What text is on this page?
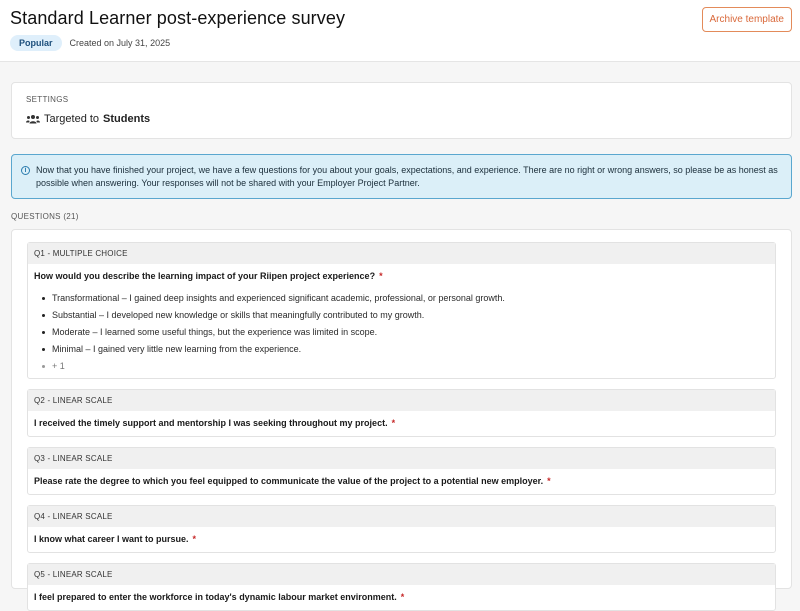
Standard Learner post-experience survey
Popular	Created on July 31, 2025
Archive template
SETTINGS
Targeted to Students
i	Now that you have finished your project, we have a few questions for you about your goals, expectations, and experience. There are no right or wrong answers, so please be as honest as possible when answering. Your responses will not be shared with your Employer Project Partner.
QUESTIONS (21)
Q1 - MULTIPLE CHOICE
How would you describe the learning impact of your Riipen project experience? *
Transformational – I gained deep insights and experienced significant academic, professional, or personal growth.
Substantial – I developed new knowledge or skills that meaningfully contributed to my growth.
Moderate – I learned some useful things, but the experience was limited in scope.
Minimal – I gained very little new learning from the experience.
+ 1
Q2 - LINEAR SCALE
I received the timely support and mentorship I was seeking throughout my project. *
Q3 - LINEAR SCALE
Please rate the degree to which you feel equipped to communicate the value of the project to a potential new employer. *
Q4 - LINEAR SCALE
I know what career I want to pursue. *
Q5 - LINEAR SCALE
I feel prepared to enter the workforce in today's dynamic labour market environment. *
